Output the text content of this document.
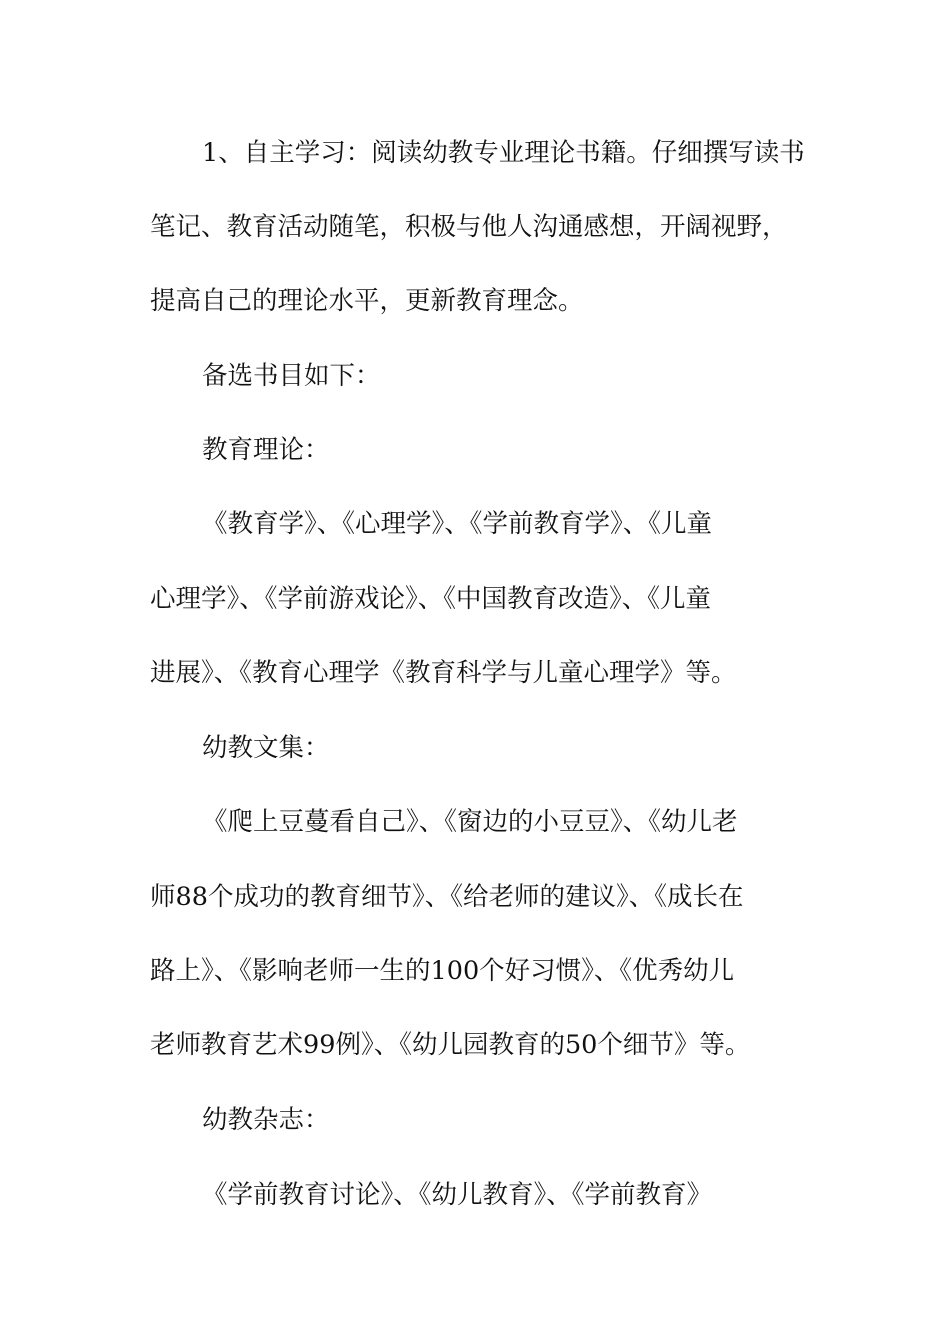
1、自主学习：阅读幼教专业理论书籍。仔细撰写读书

笔记、教育活动随笔，积极与他人沟通感想，开阔视野，

提高自己的理论水平，更新教育理念。

备选书目如下：

教育理论：

《教育学》、《心理学》、《学前教育学》、《儿童

心理学》、《学前游戏论》、《中国教育改造》、《儿童

进展》、《教育心理学《教育科学与儿童心理学》等。

幼教文集：

《爬上豆蔓看自己》、《窗边的小豆豆》、《幼儿老

师88个成功的教育细节》、《给老师的建议》、《成长在

路上》、《影响老师一生的100个好习惯》、《优秀幼儿

老师教育艺术99例》、《幼儿园教育的50个细节》等。

幼教杂志：

《学前教育讨论》、《幼儿教育》、《学前教育》
